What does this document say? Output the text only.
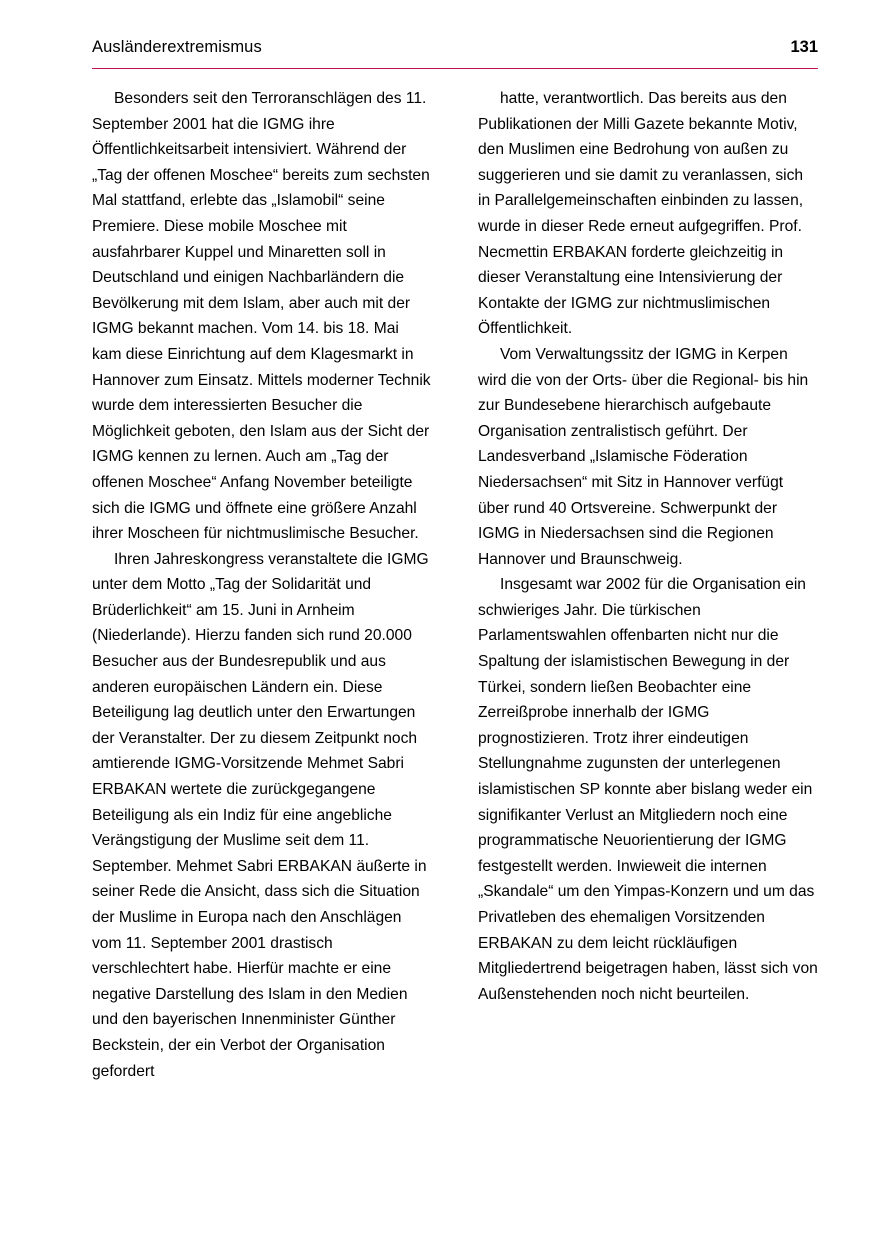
Ausländerextremismus	131

Besonders seit den Terroranschlägen des 11. September 2001 hat die IGMG ihre Öffentlichkeitsarbeit intensiviert. Während der „Tag der offenen Moschee“ bereits zum sechsten Mal stattfand, erlebte das „Islamobil“ seine Premiere. Diese mobile Moschee mit ausfahrbarer Kuppel und Minaretten soll in Deutschland und einigen Nachbarländern die Bevölkerung mit dem Islam, aber auch mit der IGMG bekannt machen. Vom 14. bis 18. Mai kam diese Einrichtung auf dem Klagesmarkt in Hannover zum Einsatz. Mittels moderner Technik wurde dem interessierten Besucher die Möglichkeit geboten, den Islam aus der Sicht der IGMG kennen zu lernen. Auch am „Tag der offenen Moschee“ Anfang November beteiligte sich die IGMG und öffnete eine größere Anzahl ihrer Moscheen für nichtmuslimische Besucher.

Ihren Jahreskongress veranstaltete die IGMG unter dem Motto „Tag der Solidarität und Brüderlichkeit“ am 15. Juni in Arnheim (Niederlande). Hierzu fanden sich rund 20.000 Besucher aus der Bundesrepublik und aus anderen europäischen Ländern ein. Diese Beteiligung lag deutlich unter den Erwartungen der Veranstalter. Der zu diesem Zeitpunkt noch amtierende IGMG-Vorsitzende Mehmet Sabri ERBAKAN wertete die zurückgegangene Beteiligung als ein Indiz für eine angebliche Verängstigung der Muslime seit dem 11. September. Mehmet Sabri ERBAKAN äußerte in seiner Rede die Ansicht, dass sich die Situation der Muslime in Europa nach den Anschlägen vom 11. September 2001 drastisch verschlechtert habe. Hierfür machte er eine negative Darstellung des Islam in den Medien und den bayerischen Innenminister Günther Beckstein, der ein Verbot der Organisation gefordert

hatte, verantwortlich. Das bereits aus den Publikationen der Milli Gazete bekannte Motiv, den Muslimen eine Bedrohung von außen zu suggerieren und sie damit zu veranlassen, sich in Parallelgemeinschaften einbinden zu lassen, wurde in dieser Rede erneut aufgegriffen. Prof. Necmettin ERBAKAN forderte gleichzeitig in dieser Veranstaltung eine Intensivierung der Kontakte der IGMG zur nichtmuslimischen Öffentlichkeit.

Vom Verwaltungssitz der IGMG in Kerpen wird die von der Orts- über die Regional- bis hin zur Bundesebene hierarchisch aufgebaute Organisation zentralistisch geführt. Der Landesverband „Islamische Föderation Niedersachsen“ mit Sitz in Hannover verfügt über rund 40 Ortsvereine. Schwerpunkt der IGMG in Niedersachsen sind die Regionen Hannover und Braunschweig.

Insgesamt war 2002 für die Organisation ein schwieriges Jahr. Die türkischen Parlamentswahlen offenbarten nicht nur die Spaltung der islamistischen Bewegung in der Türkei, sondern ließen Beobachter eine Zerreißprobe innerhalb der IGMG prognostizieren. Trotz ihrer eindeutigen Stellungnahme zugunsten der unterlegenen islamistischen SP konnte aber bislang weder ein signifikanter Verlust an Mitgliedern noch eine programmatische Neuorientierung der IGMG festgestellt werden. Inwieweit die internen „Skandale“ um den Yimpas-Konzern und um das Privatleben des ehemaligen Vorsitzenden ERBAKAN zu dem leicht rückläufigen Mitgliedertrend beigetragen haben, lässt sich von Außenstehenden noch nicht beurteilen.
